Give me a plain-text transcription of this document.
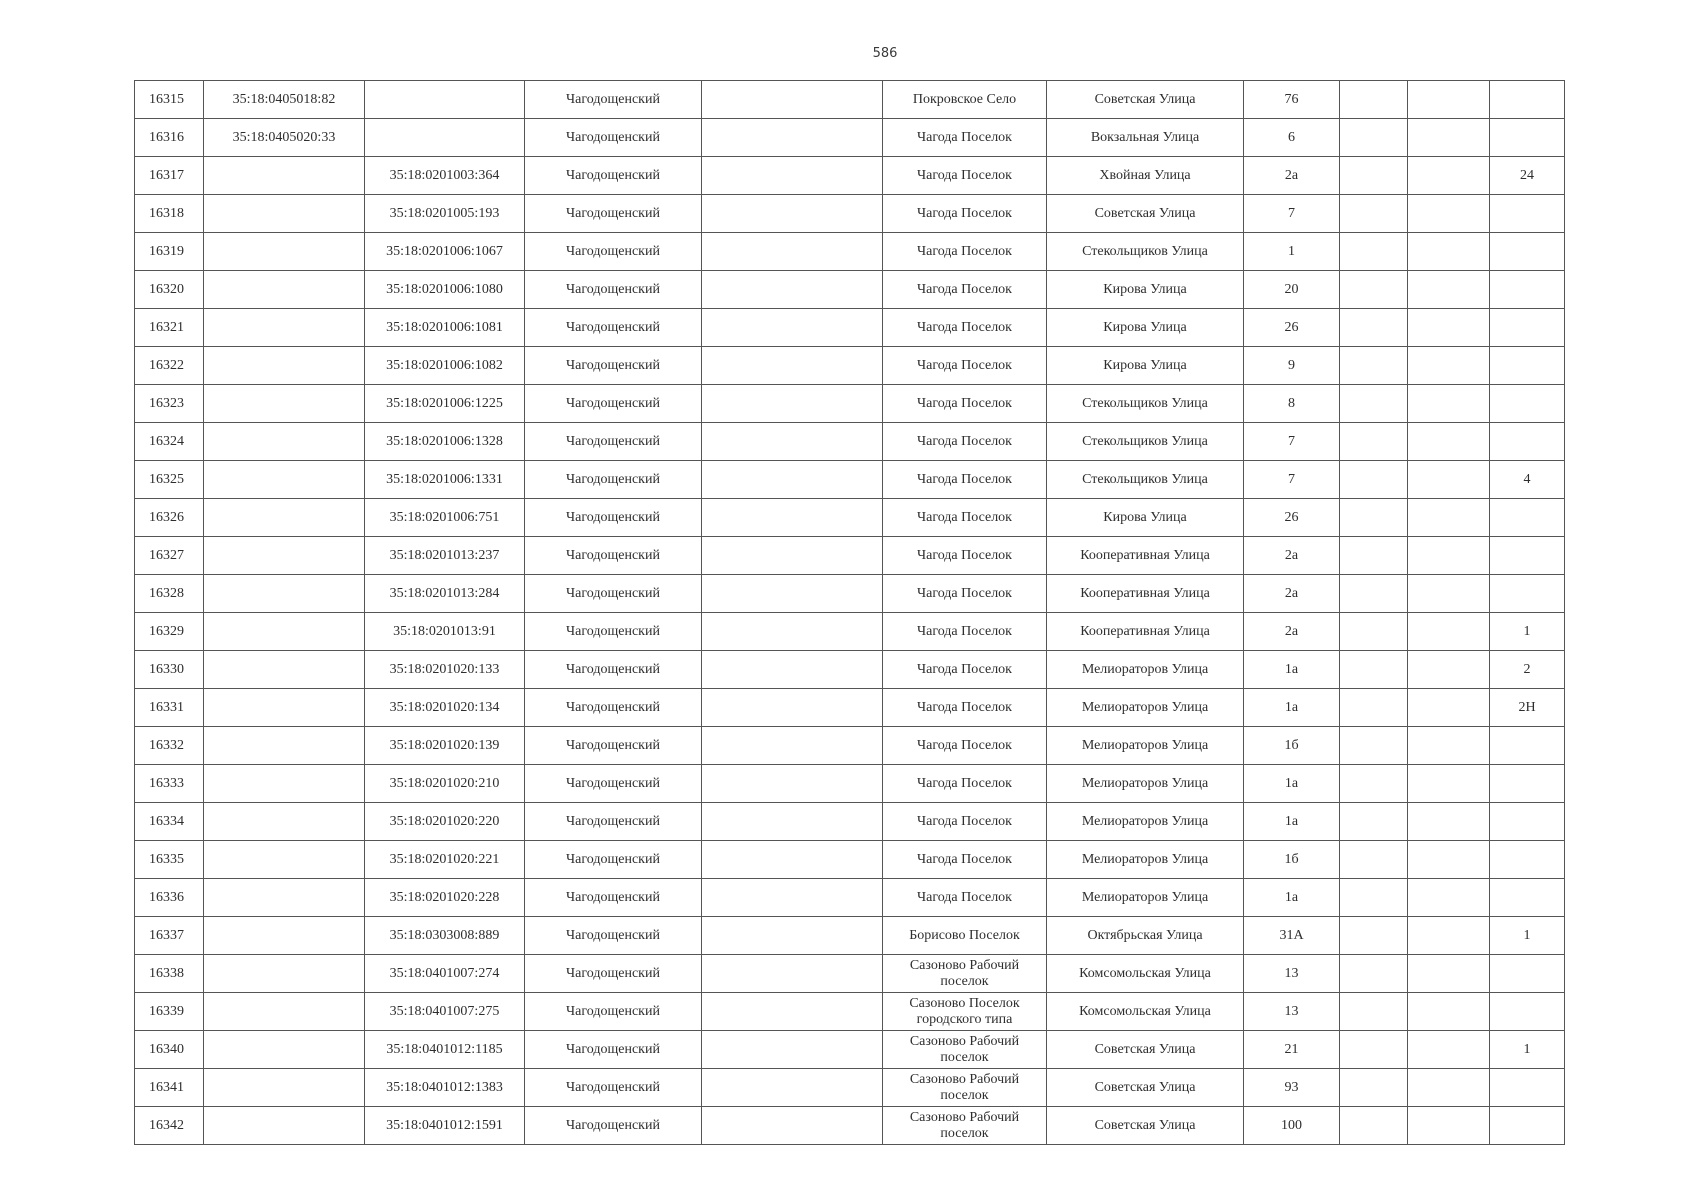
586
16315	35:18:0405018:82		Чагодощенский		Покровское Село	Советская Улица	76			
16316	35:18:0405020:33		Чагодощенский		Чагода Поселок	Вокзальная Улица	6			
16317		35:18:0201003:364	Чагодощенский		Чагода Поселок	Хвойная Улица	2а			24
16318		35:18:0201005:193	Чагодощенский		Чагода Поселок	Советская Улица	7			
16319		35:18:0201006:1067	Чагодощенский		Чагода Поселок	Стекольщиков Улица	1			
16320		35:18:0201006:1080	Чагодощенский		Чагода Поселок	Кирова Улица	20			
16321		35:18:0201006:1081	Чагодощенский		Чагода Поселок	Кирова Улица	26			
16322		35:18:0201006:1082	Чагодощенский		Чагода Поселок	Кирова Улица	9			
16323		35:18:0201006:1225	Чагодощенский		Чагода Поселок	Стекольщиков Улица	8			
16324		35:18:0201006:1328	Чагодощенский		Чагода Поселок	Стекольщиков Улица	7			
16325		35:18:0201006:1331	Чагодощенский		Чагода Поселок	Стекольщиков Улица	7			4
16326		35:18:0201006:751	Чагодощенский		Чагода Поселок	Кирова Улица	26			
16327		35:18:0201013:237	Чагодощенский		Чагода Поселок	Кооперативная Улица	2а			
16328		35:18:0201013:284	Чагодощенский		Чагода Поселок	Кооперативная Улица	2а			
16329		35:18:0201013:91	Чагодощенский		Чагода Поселок	Кооперативная Улица	2а			1
16330		35:18:0201020:133	Чагодощенский		Чагода Поселок	Мелиораторов Улица	1а			2
16331		35:18:0201020:134	Чагодощенский		Чагода Поселок	Мелиораторов Улица	1а			2Н
16332		35:18:0201020:139	Чагодощенский		Чагода Поселок	Мелиораторов Улица	1б			
16333		35:18:0201020:210	Чагодощенский		Чагода Поселок	Мелиораторов Улица	1а			
16334		35:18:0201020:220	Чагодощенский		Чагода Поселок	Мелиораторов Улица	1а			
16335		35:18:0201020:221	Чагодощенский		Чагода Поселок	Мелиораторов Улица	1б			
16336		35:18:0201020:228	Чагодощенский		Чагода Поселок	Мелиораторов Улица	1а			
16337		35:18:0303008:889	Чагодощенский		Борисово Поселок	Октябрьская Улица	31А			1
16338		35:18:0401007:274	Чагодощенский		Сазоново Рабочий поселок	Комсомольская Улица	13			
16339		35:18:0401007:275	Чагодощенский		Сазоново Поселок городского типа	Комсомольская Улица	13			
16340		35:18:0401012:1185	Чагодощенский		Сазоново Рабочий поселок	Советская Улица	21			1
16341		35:18:0401012:1383	Чагодощенский		Сазоново Рабочий поселок	Советская Улица	93			
16342		35:18:0401012:1591	Чагодощенский		Сазоново Рабочий поселок	Советская Улица	100			
